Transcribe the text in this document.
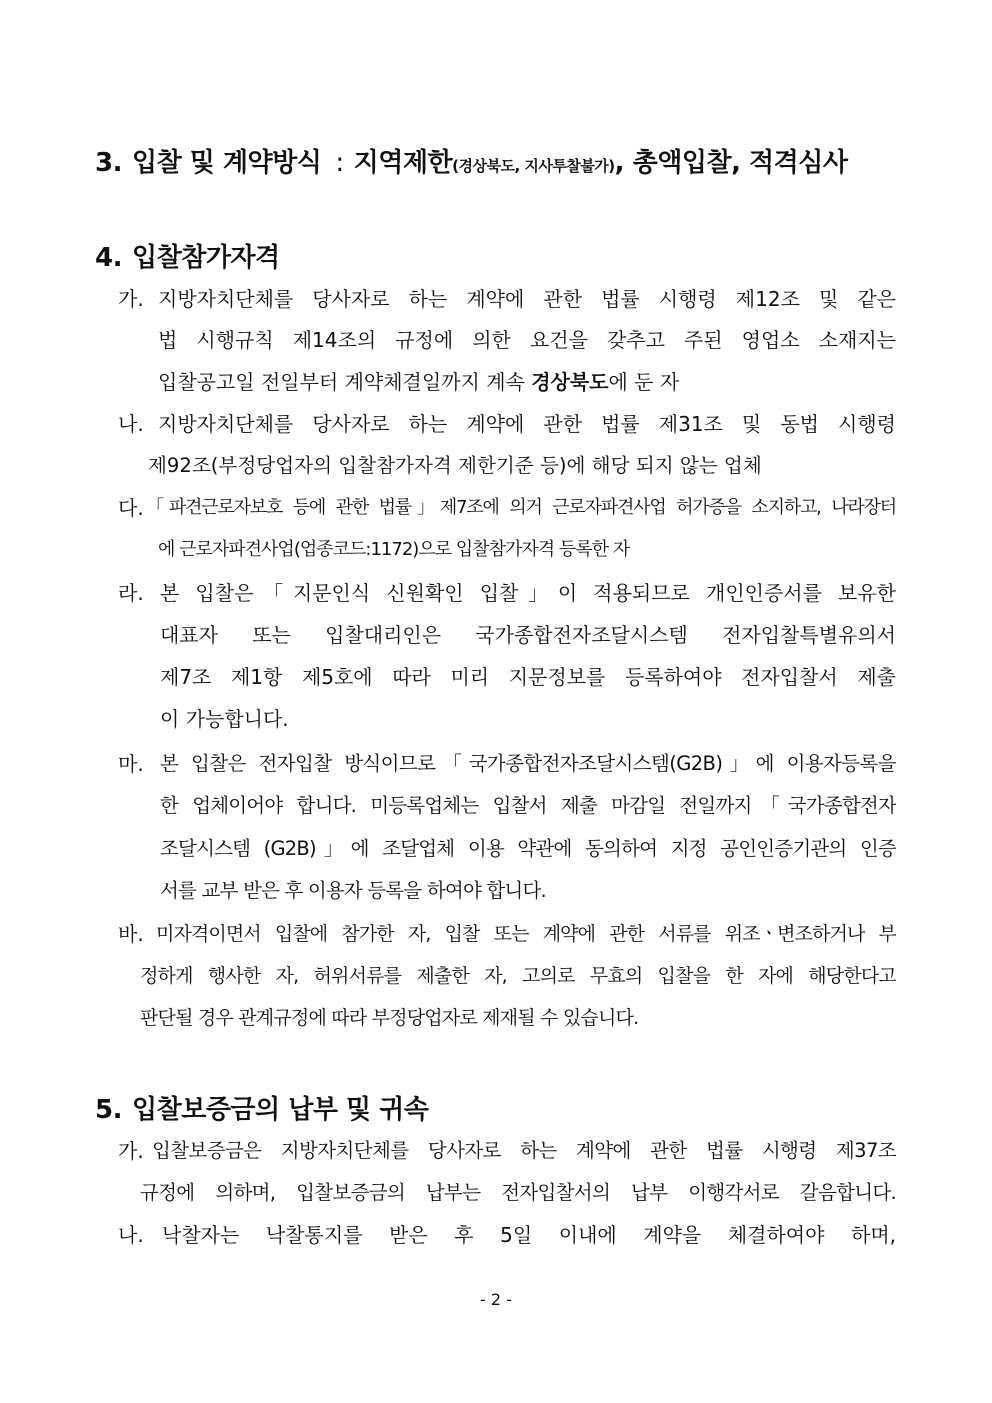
3. 입찰 및 계약방식 : 지역제한(경상북도, 지사투찰불가), 총액입찰, 적격심사
4. 입찰참가자격
가. 지방자치단체를 당사자로 하는 계약에 관한 법률 시행령 제12조 및 같은
법 시행규칙 제14조의 규정에 의한 요건을 갖추고 주된 영업소 소재지는
입찰공고일 전일부터 계약체결일까지 계속 경상북도에 둔 자
나. 지방자치단체를 당사자로 하는 계약에 관한 법률 제31조 및 동법 시행령
제92조(부정당업자의 입찰참가자격 제한기준 등)에 해당 되지 않는 업체
다. 「파견근로자보호 등에 관한 법률」제7조에 의거 근로자파견사업 허가증을 소지하고, 나라장터
에 근로자파견사업(업종코드:1172)으로 입찰참가자격 등록한 자
라. 본 입찰은「지문인식 신원확인 입찰」이 적용되므로 개인인증서를 보유한
대표자 또는 입찰대리인은 국가종합전자조달시스템 전자입찰특별유의서
제7조 제1항 제5호에 따라 미리 지문정보를 등록하여야 전자입찰서 제출
이 가능합니다.
마. 본 입찰은 전자입찰 방식이므로「국가종합전자조달시스템(G2B)」에 이용자등록을
한 업체이어야 합니다. 미등록업체는 입찰서 제출 마감일 전일까지「국가종합전자
조달시스템 (G2B)」에 조달업체 이용 약관에 동의하여 지정 공인인증기관의 인증
서를 교부 받은 후 이용자 등록을 하여야 합니다.
바. 미자격이면서 입찰에 참가한 자, 입찰 또는 계약에 관한 서류를 위조ㆍ변조하거나 부
정하게 행사한 자, 허위서류를 제출한 자, 고의로 무효의 입찰을 한 자에 해당한다고
판단될 경우 관계규정에 따라 부정당업자로 제재될 수 있습니다.
5. 입찰보증금의 납부 및 귀속
가. 입찰보증금은 지방자치단체를 당사자로 하는 계약에 관한 법률 시행령 제37조
규정에 의하며, 입찰보증금의 납부는 전자입찰서의 납부 이행각서로 갈음합니다.
나. 낙찰자는 낙찰통지를 받은 후 5일 이내에 계약을 체결하여야 하며,
- 2 -
